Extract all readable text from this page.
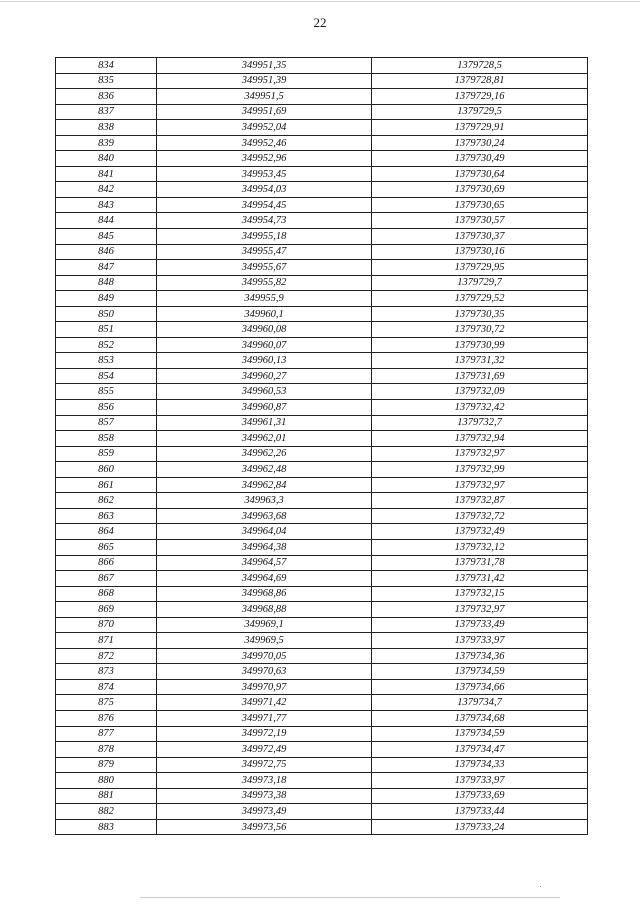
22
834	349951,35	1379728,5
835	349951,39	1379728,81
836	349951,5	1379729,16
837	349951,69	1379729,5
838	349952,04	1379729,91
839	349952,46	1379730,24
840	349952,96	1379730,49
841	349953,45	1379730,64
842	349954,03	1379730,69
843	349954,45	1379730,65
844	349954,73	1379730,57
845	349955,18	1379730,37
846	349955,47	1379730,16
847	349955,67	1379729,95
848	349955,82	1379729,7
849	349955,9	1379729,52
850	349960,1	1379730,35
851	349960,08	1379730,72
852	349960,07	1379730,99
853	349960,13	1379731,32
854	349960,27	1379731,69
855	349960,53	1379732,09
856	349960,87	1379732,42
857	349961,31	1379732,7
858	349962,01	1379732,94
859	349962,26	1379732,97
860	349962,48	1379732,99
861	349962,84	1379732,97
862	349963,3	1379732,87
863	349963,68	1379732,72
864	349964,04	1379732,49
865	349964,38	1379732,12
866	349964,57	1379731,78
867	349964,69	1379731,42
868	349968,86	1379732,15
869	349968,88	1379732,97
870	349969,1	1379733,49
871	349969,5	1379733,97
872	349970,05	1379734,36
873	349970,63	1379734,59
874	349970,97	1379734,66
875	349971,42	1379734,7
876	349971,77	1379734,68
877	349972,19	1379734,59
878	349972,49	1379734,47
879	349972,75	1379734,33
880	349973,18	1379733,97
881	349973,38	1379733,69
882	349973,49	1379733,44
883	349973,56	1379733,24
